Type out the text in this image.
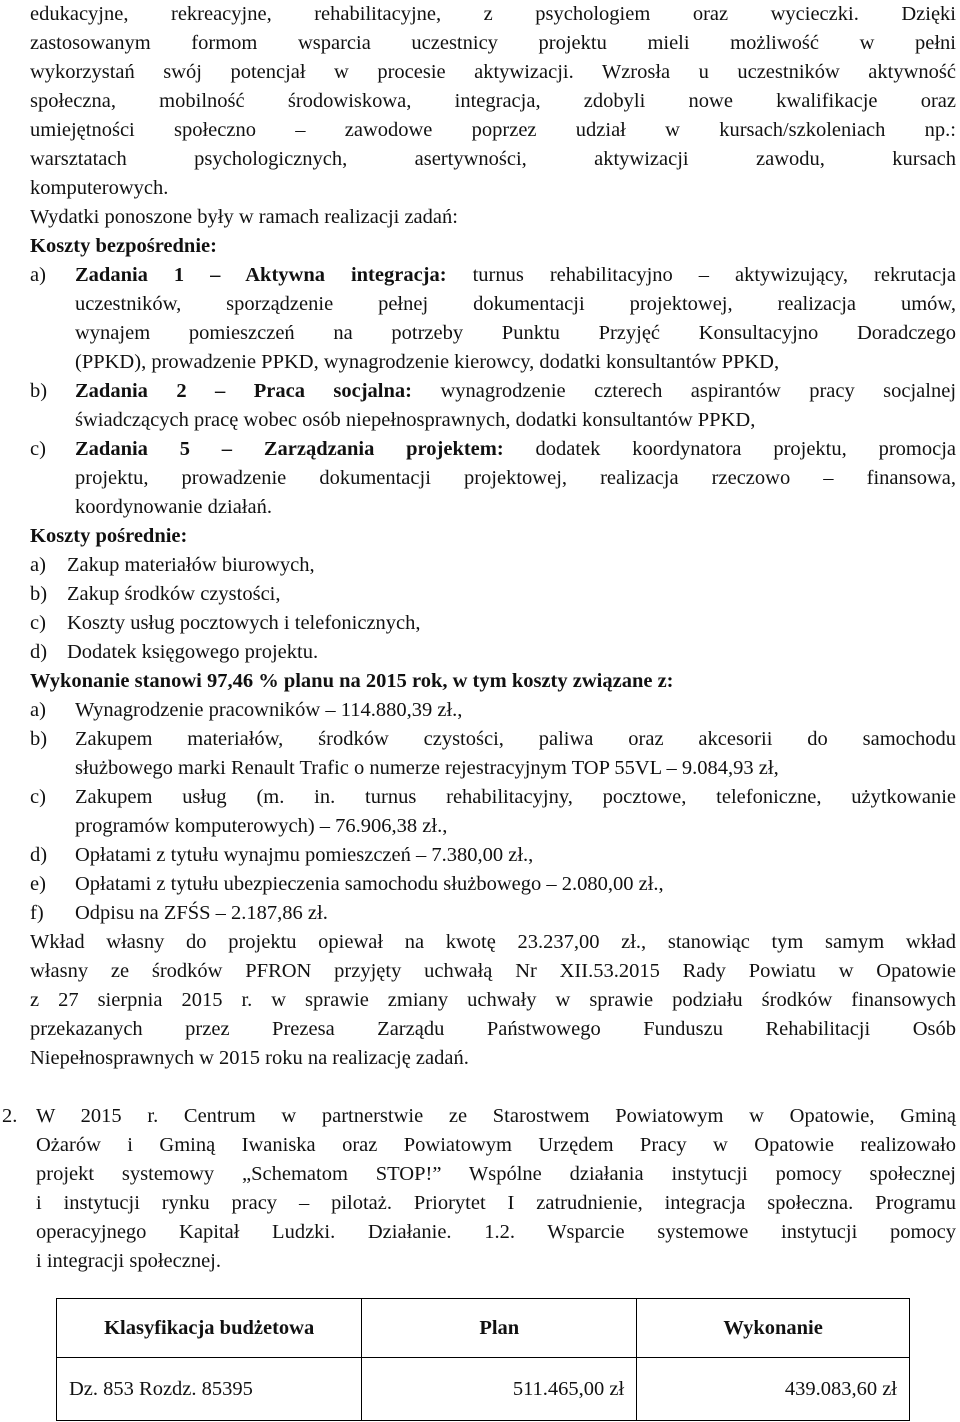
edukacyjne, rekreacyjne, rehabilitacyjne, z psychologiem oraz wycieczki. Dzięki
zastosowanym formom wsparcia uczestnicy projektu mieli możliwość w pełni
wykorzystań swój potencjał w procesie aktywizacji. Wzrosła u uczestników aktywność
społeczna, mobilność środowiskowa, integracja, zdobyli nowe kwalifikacje oraz
umiejętności społeczno – zawodowe poprzez udział w kursach/szkoleniach np.:
warsztatach psychologicznych, asertywności, aktywizacji zawodu, kursach
komputerowych.
Wydatki ponoszone były w ramach realizacji zadań:
Koszty bezpośrednie:
a) Zadania 1 – Aktywna integracja: turnus rehabilitacyjno – aktywizujący, rekrutacja
uczestników, sporządzenie pełnej dokumentacji projektowej, realizacja umów,
wynajem pomieszczeń na potrzeby Punktu Przyjęć Konsultacyjno Doradczego
(PPKD), prowadzenie PPKD, wynagrodzenie kierowcy, dodatki konsultantów PPKD,
b) Zadania 2 – Praca socjalna: wynagrodzenie czterech aspirantów pracy socjalnej
świadczących pracę wobec osób niepełnosprawnych, dodatki konsultantów PPKD,
c) Zadania 5 – Zarządzania projektem: dodatek koordynatora projektu, promocja
projektu, prowadzenie dokumentacji projektowej, realizacja rzeczowo – finansowa,
koordynowanie działań.
Koszty pośrednie:
a) Zakup materiałów biurowych,
b) Zakup środków czystości,
c) Koszty usług pocztowych i telefonicznych,
d) Dodatek księgowego projektu.
Wykonanie stanowi 97,46 % planu na 2015 rok, w tym koszty związane z:
a) Wynagrodzenie pracowników – 114.880,39 zł.,
b) Zakupem materiałów, środków czystości, paliwa oraz akcesorii do samochodu
służbowego marki Renault Trafic o numerze rejestracyjnym TOP 55VL – 9.084,93 zł,
c) Zakupem usług (m. in. turnus rehabilitacyjny, pocztowe, telefoniczne, użytkowanie
programów komputerowych) – 76.906,38 zł.,
d) Opłatami z tytułu wynajmu pomieszczeń – 7.380,00 zł.,
e) Opłatami z tytułu ubezpieczenia samochodu służbowego – 2.080,00 zł.,
f) Odpisu na ZFŚS – 2.187,86 zł.
Wkład własny do projektu opiewał na kwotę 23.237,00 zł., stanowiąc tym samym wkład
własny ze środków PFRON przyjęty uchwałą Nr XII.53.2015 Rady Powiatu w Opatowie
z 27 sierpnia 2015 r. w sprawie zmiany uchwały w sprawie podziału środków finansowych
przekazanych przez Prezesa Zarządu Państwowego Funduszu Rehabilitacji Osób
Niepełnosprawnych w 2015 roku na realizację zadań.
2. W 2015 r. Centrum w partnerstwie ze Starostwem Powiatowym w Opatowie, Gminą
Ożarów i Gminą Iwaniska oraz Powiatowym Urzędem Pracy w Opatowie realizowało
projekt systemowy „Schematom STOP!” Wspólne działania instytucji pomocy społecznej
i instytucji rynku pracy – pilotaż. Priorytet I zatrudnienie, integracja społeczna. Programu
operacyjnego Kapitał Ludzki. Działanie. 1.2. Wsparcie systemowe instytucji pomocy
i integracji społecznej.
Klasyfikacja budżetowa	Plan	Wykonanie
Dz. 853 Rozdz. 85395	511.465,00 zł	439.083,60 zł
